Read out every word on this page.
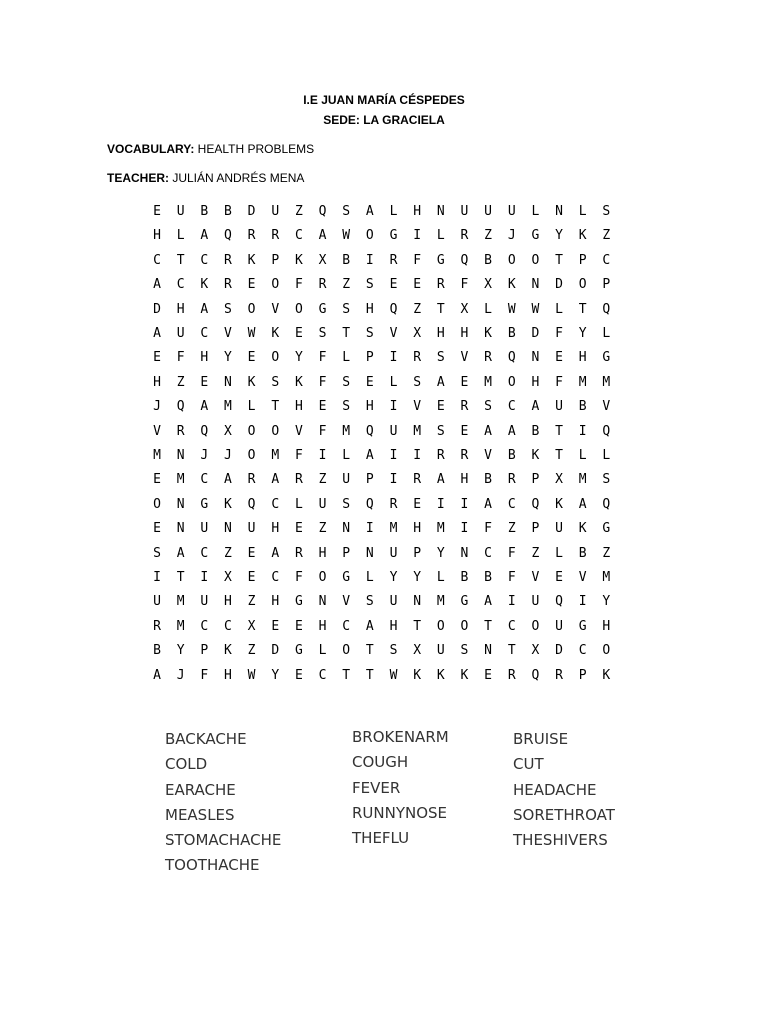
I.E JUAN MARÍA CÉSPEDES
SEDE: LA GRACIELA
VOCABULARY: HEALTH PROBLEMS
TEACHER: JULIÁN ANDRÉS MENA
E	U	B	B	D	U	Z	Q	S	A	L	H	N	U	U	U	L	N	L	S
H	L	A	Q	R	R	C	A	W	O	G	I	L	R	Z	J	G	Y	K	Z
C	T	C	R	K	P	K	X	B	I	R	F	G	Q	B	O	O	T	P	C
A	C	K	R	E	O	F	R	Z	S	E	E	R	F	X	K	N	D	O	P
D	H	A	S	O	V	O	G	S	H	Q	Z	T	X	L	W	W	L	T	Q
A	U	C	V	W	K	E	S	T	S	V	X	H	H	K	B	D	F	Y	L
E	F	H	Y	E	O	Y	F	L	P	I	R	S	V	R	Q	N	E	H	G
H	Z	E	N	K	S	K	F	S	E	L	S	A	E	M	O	H	F	M	M
J	Q	A	M	L	T	H	E	S	H	I	V	E	R	S	C	A	U	B	V
V	R	Q	X	O	O	V	F	M	Q	U	M	S	E	A	A	B	T	I	Q
M	N	J	J	O	M	F	I	L	A	I	I	R	R	V	B	K	T	L	L
E	M	C	A	R	A	R	Z	U	P	I	R	A	H	B	R	P	X	M	S
O	N	G	K	Q	C	L	U	S	Q	R	E	I	I	A	C	Q	K	A	Q
E	N	U	N	U	H	E	Z	N	I	M	H	M	I	F	Z	P	U	K	G
S	A	C	Z	E	A	R	H	P	N	U	P	Y	N	C	F	Z	L	B	Z
I	T	I	X	E	C	F	O	G	L	Y	Y	L	B	B	F	V	E	V	M
U	M	U	H	Z	H	G	N	V	S	U	N	M	G	A	I	U	Q	I	Y
R	M	C	C	X	E	E	H	C	A	H	T	O	O	T	C	O	U	G	H
B	Y	P	K	Z	D	G	L	O	T	S	X	U	S	N	T	X	D	C	O
A	J	F	H	W	Y	E	C	T	T	W	K	K	K	E	R	Q	R	P	K
BACKACHE
COLD
EARACHE
MEASLES
STOMACHACHE
TOOTHACHE
BROKENARM
COUGH
FEVER
RUNNYNOSE
THEFLU
BRUISE
CUT
HEADACHE
SORETHROAT
THESHIVERS
